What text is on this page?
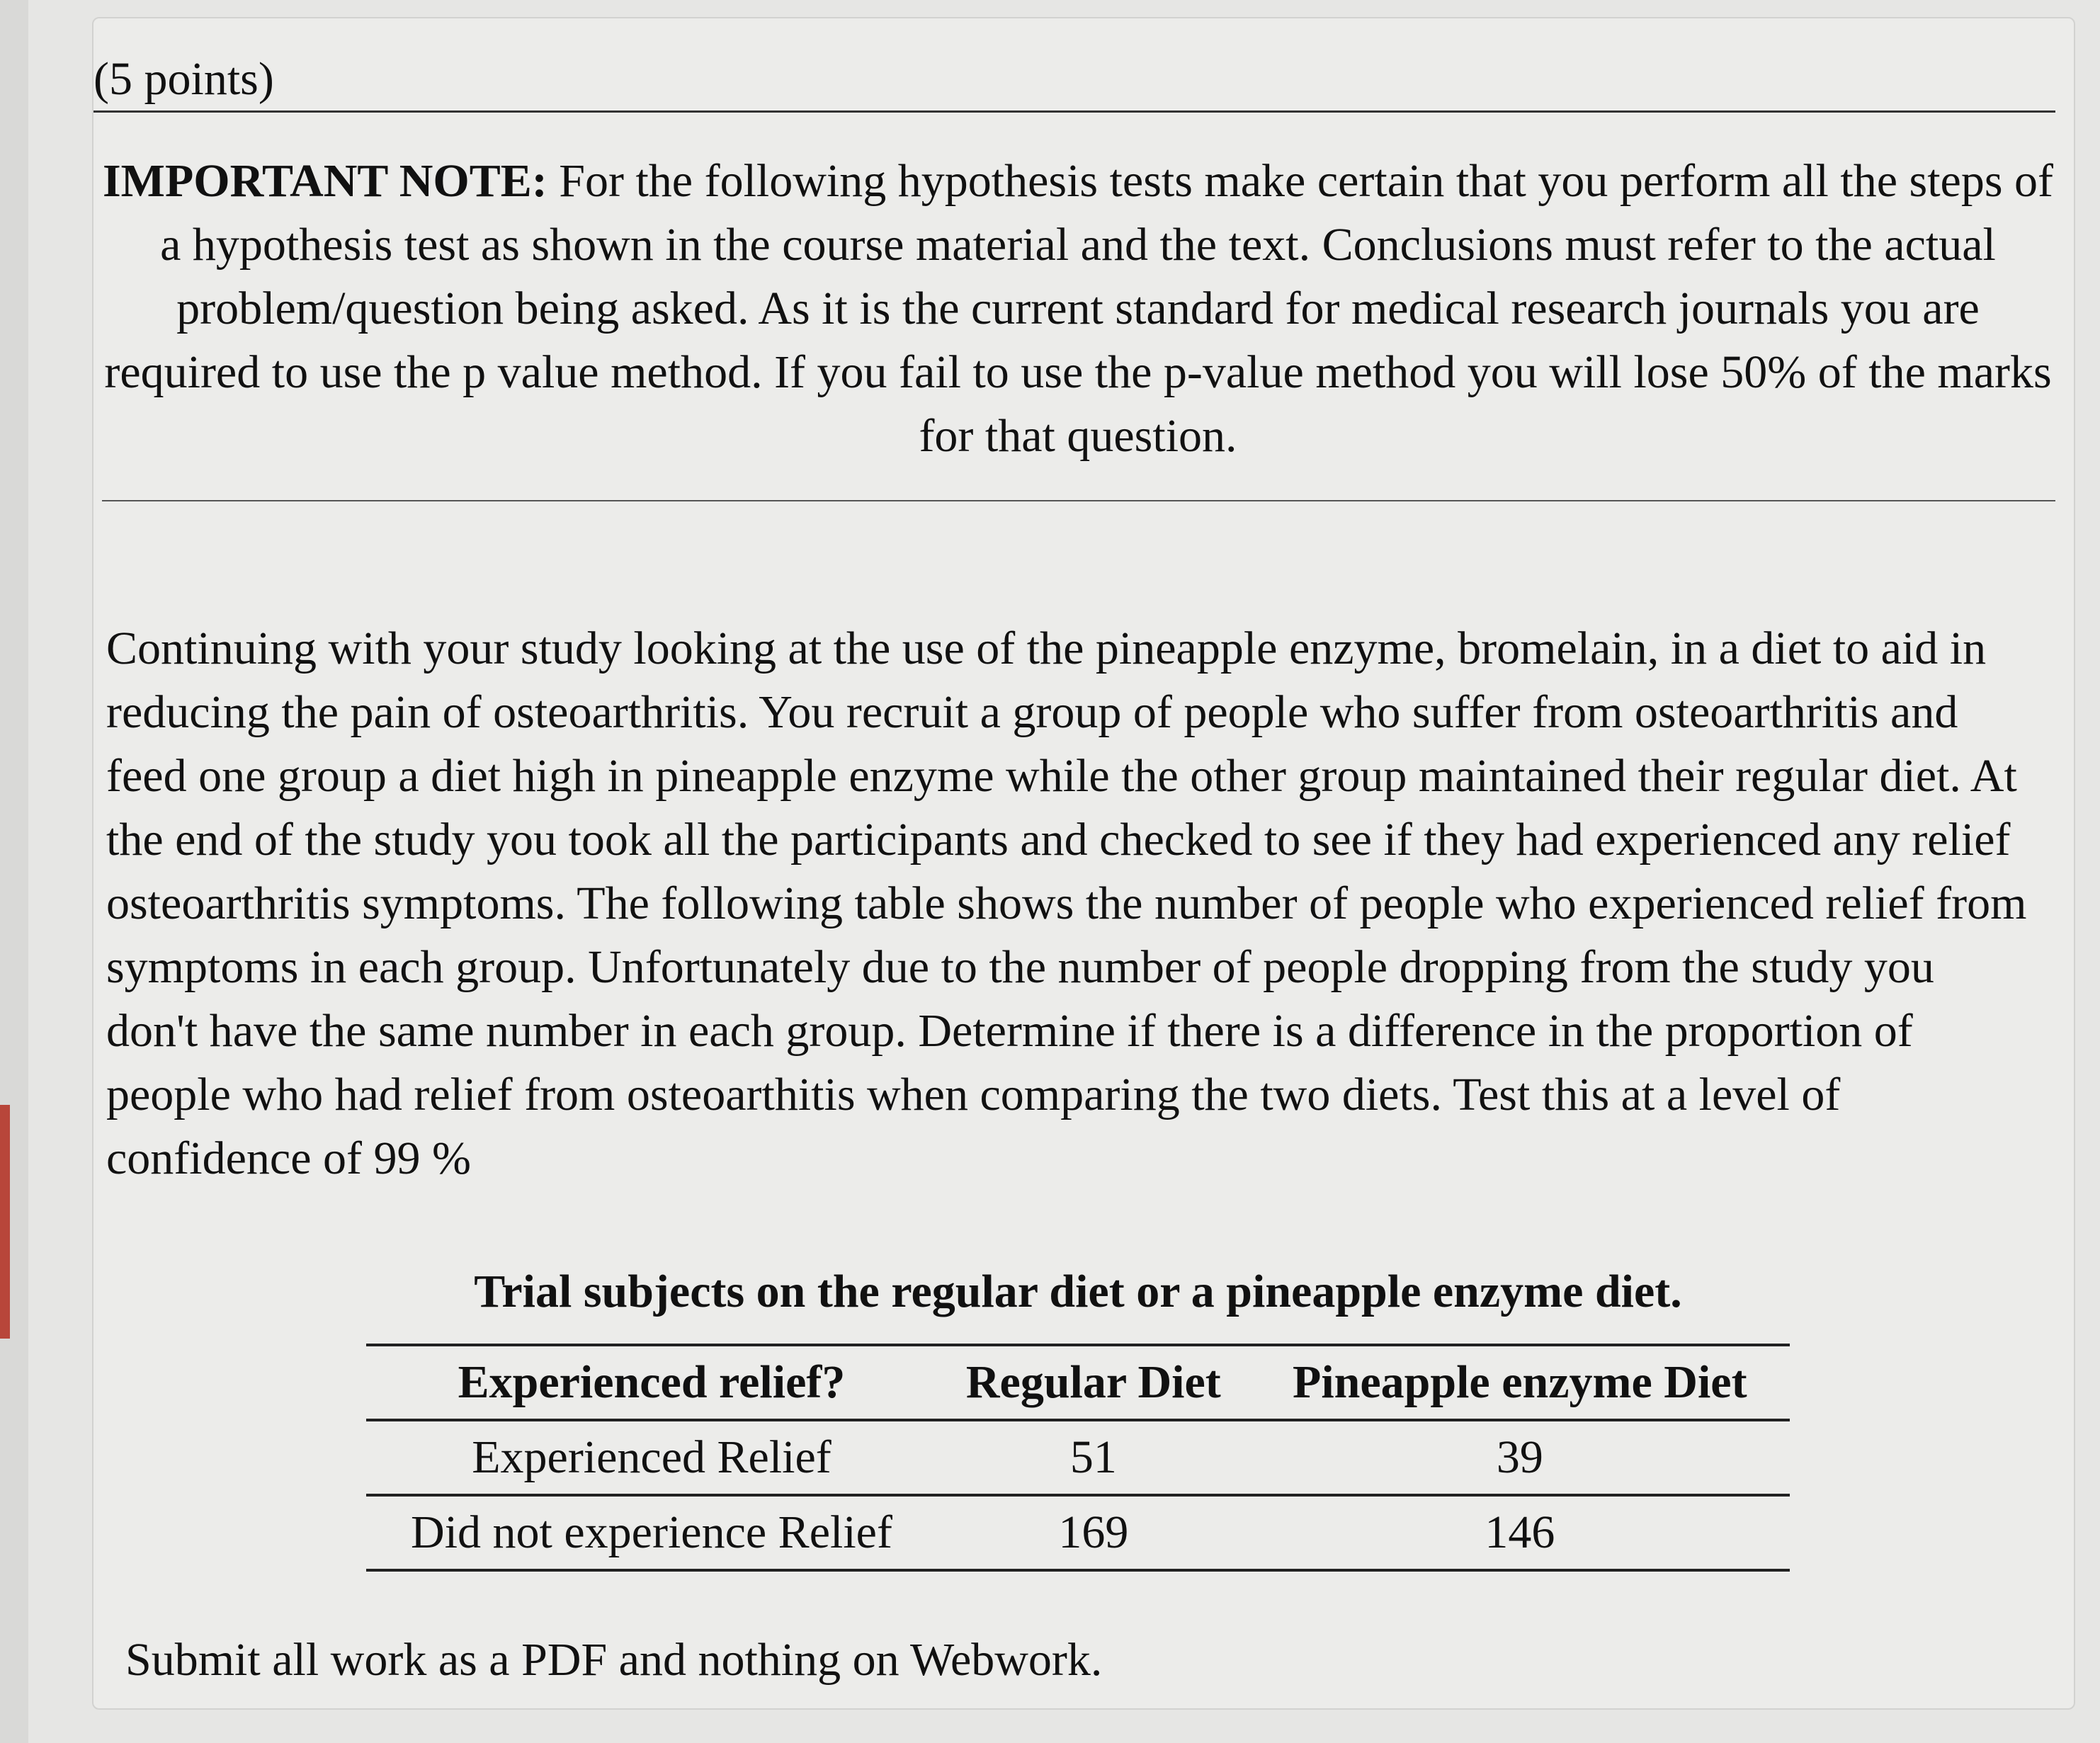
(5 points)
IMPORTANT NOTE: For the following hypothesis tests make certain that you perform all the steps of a hypothesis test as shown in the course material and the text. Conclusions must refer to the actual problem/question being asked. As it is the current standard for medical research journals you are required to use the p value method. If you fail to use the p-value method you will lose 50% of the marks for that question.
Continuing with your study looking at the use of the pineapple enzyme, bromelain, in a diet to aid in reducing the pain of osteoarthritis. You recruit a group of people who suffer from osteoarthritis and feed one group a diet high in pineapple enzyme while the other group maintained their regular diet. At the end of the study you took all the participants and checked to see if they had experienced any relief osteoarthritis symptoms. The following table shows the number of people who experienced relief from symptoms in each group. Unfortunately due to the number of people dropping from the study you don't have the same number in each group. Determine if there is a difference in the proportion of people who had relief from osteoarthitis when comparing the two diets. Test this at a level of confidence of 99 %
Trial subjects on the regular diet or a pineapple enzyme diet.
Experienced relief?	Regular Diet	Pineapple enzyme Diet
Experienced Relief	51	39
Did not experience Relief	169	146
Submit all work as a PDF and nothing on Webwork.
